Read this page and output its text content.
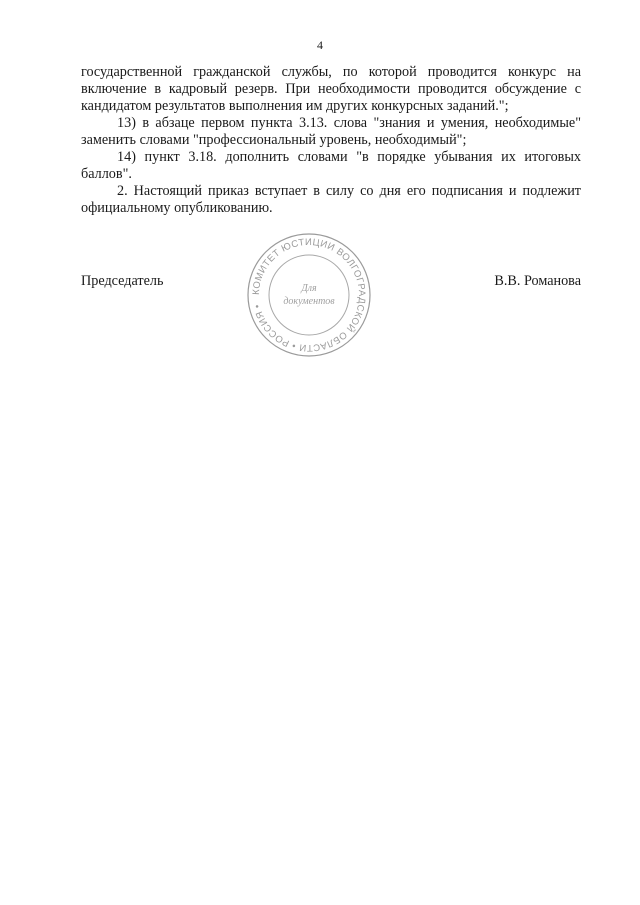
4

государственной гражданской службы, по которой проводится конкурс на включение в кадровый резерв. При необходимости проводится обсуждение с кандидатом результатов выполнения им других конкурсных заданий.";

13) в абзаце первом пункта 3.13. слова "знания и умения, необходимые" заменить словами "профессиональный уровень, необходимый";

14) пункт 3.18. дополнить словами "в порядке убывания их итоговых баллов".

2. Настоящий приказ вступает в силу со дня его подписания и подлежит официальному опубликованию.

Председатель	В.В. Романова
КОМИТЕТ ЮСТИЦИИ ВОЛГОГРАДСКОЙ ОБЛАСТИ • РОССИЯ •
Для
документов
